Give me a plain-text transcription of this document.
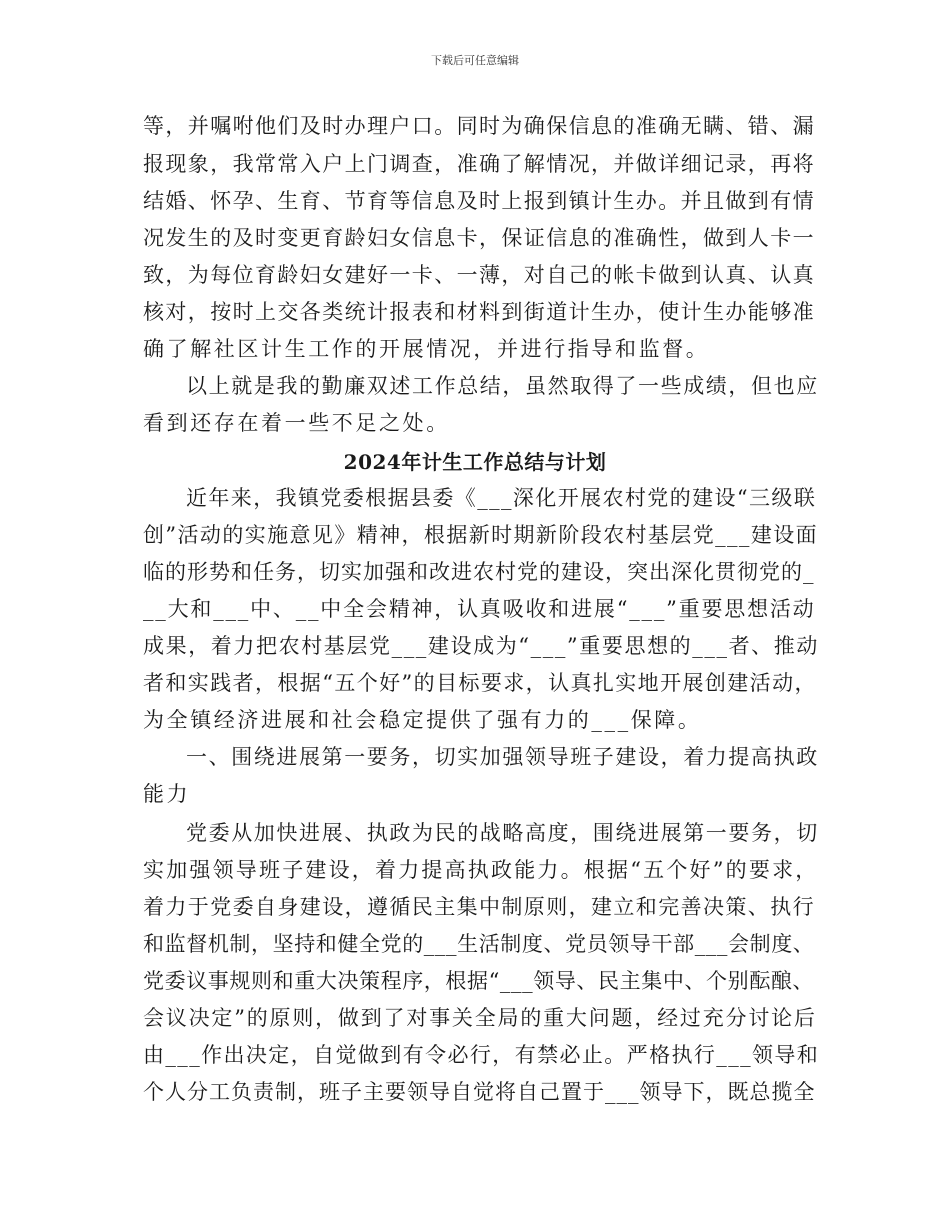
下载后可任意编辑
等，并嘱咐他们及时办理户口。同时为确保信息的准确无瞒、错、漏
报现象，我常常入户上门调查，准确了解情况，并做详细记录，再将
结婚、怀孕、生育、节育等信息及时上报到镇计生办。并且做到有情
况发生的及时变更育龄妇女信息卡，保证信息的准确性，做到人卡一
致，为每位育龄妇女建好一卡、一薄，对自己的帐卡做到认真、认真
核对，按时上交各类统计报表和材料到街道计生办，使计生办能够准
确了解社区计生工作的开展情况，并进行指导和监督。
以上就是我的勤廉双述工作总结，虽然取得了一些成绩，但也应
看到还存在着一些不足之处。
2024年计生工作总结与计划
近年来，我镇党委根据县委《___深化开展农村党的建设“三级联
创”活动的实施意见》精神，根据新时期新阶段农村基层党___建设面
临的形势和任务，切实加强和改进农村党的建设，突出深化贯彻党的_
__大和___中、__中全会精神，认真吸收和进展“___”重要思想活动
成果，着力把农村基层党___建设成为“___”重要思想的___者、推动
者和实践者，根据“五个好”的目标要求，认真扎实地开展创建活动，
为全镇经济进展和社会稳定提供了强有力的___保障。
一、围绕进展第一要务，切实加强领导班子建设，着力提高执政
能力
党委从加快进展、执政为民的战略高度，围绕进展第一要务，切
实加强领导班子建设，着力提高执政能力。根据“五个好”的要求，
着力于党委自身建设，遵循民主集中制原则，建立和完善决策、执行
和监督机制，坚持和健全党的___生活制度、党员领导干部___会制度、
党委议事规则和重大决策程序，根据“___领导、民主集中、个别酝酿、
会议决定”的原则，做到了对事关全局的重大问题，经过充分讨论后
由___作出决定，自觉做到有令必行，有禁必止。严格执行___领导和
个人分工负责制，班子主要领导自觉将自己置于___领导下，既总揽全
